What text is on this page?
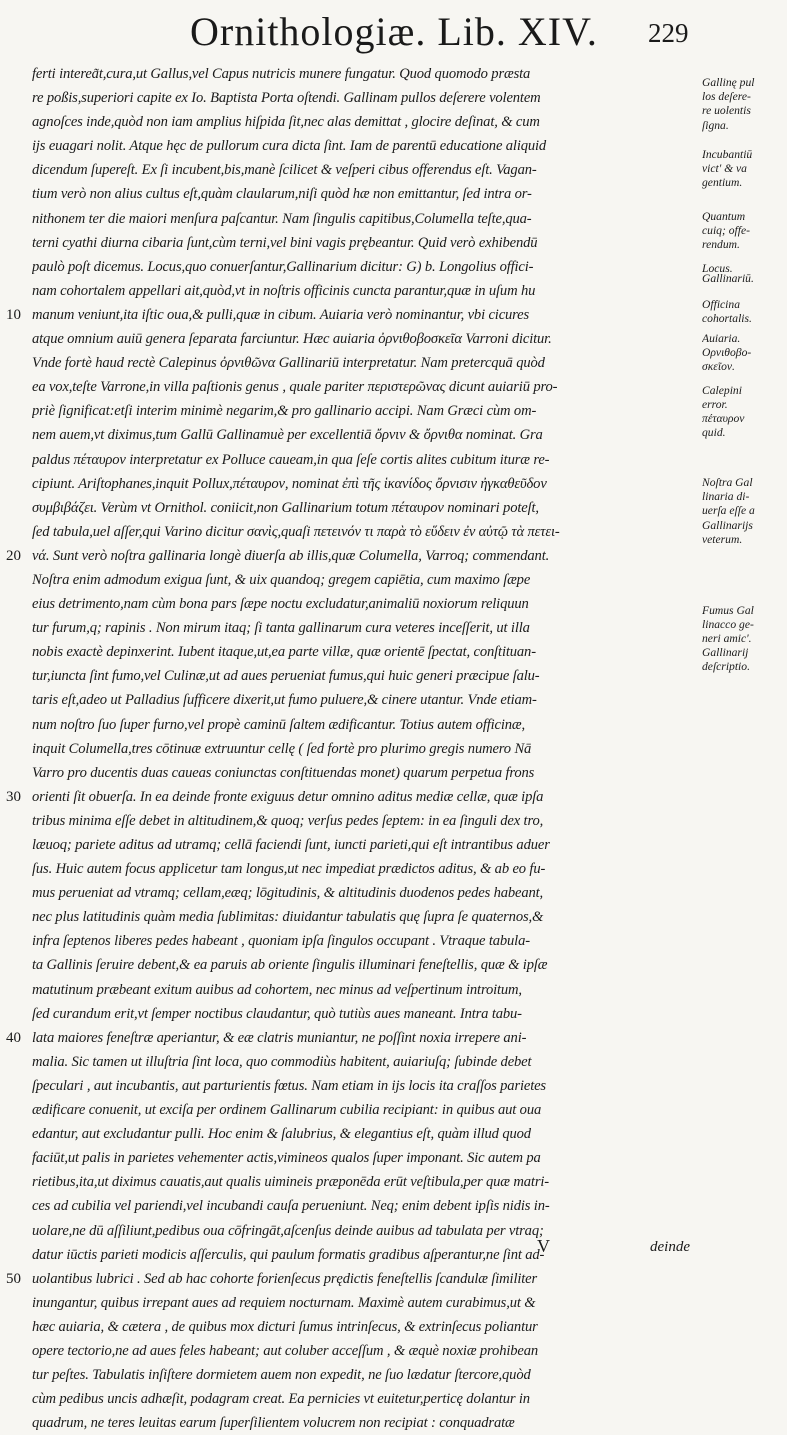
Ornithologiæ. Lib. XIV. 229
10
20
30
40
50
ferti interea͂t,cura,ut Gallus,vel Capus nutricis munere fungatur. Quod quomodo præsta
re poßis,superiori capite ex Io. Baptista Porta oſtendi. Gallinam pullos deſerere volentem
agnoſces inde,quòd non iam amplius hiſpida ſit,nec alas demittat , glocire deſinat, & cum
ijs euagari nolit. Atque hęc de pullorum cura dicta ſint. Iam de parentū educatione aliquid
dicendum ſupereſt. Ex ſi incubent,bis,manè ſcilicet & veſperi cibus offerendus eſt. Vagan-
tium verò non alius cultus eſt,quàm claularum,niſi quòd hæ non emittantur, ſed intra or-
nithonem ter die maiori menſura paſcantur. Nam ſingulis capitibus,Columella teſte,qua-
terni cyathi diurna cibaria ſunt,cùm terni,vel bini vagis prębeantur. Quid verò exhibendū
paulò poſt dicemus. Locus,quo conuerſantur,Gallinarium dicitur: G) b. Longolius offici-
nam cohortalem appellari ait,quòd,vt in noſtris officinis cuncta parantur,quæ in uſum hu
manum veniunt,ita iſtic oua,& pulli,quæ in cibum. Auiaria verò nominantur, vbi cicures
atque omnium auiū genera ſeparata farciuntur. Hæc auiaria ὀρνιθοβοσκεῖα Varroni dicitur.
Vnde fortè haud rectè Calepinus ὀρνιθῶνα Gallinariū interpretatur. Nam pretercquā quòd
ea vox,teſte Varrone,in villa paſtionis genus , quale pariter περιστερῶνας dicunt auiariū pro-
priè ſignificat:etſi interim minimè negarim,& pro gallinario accipi. Nam Græci cùm om-
nem auem,vt diximus,tum Gallū Gallinamuè per excellentiā ὄρνιν & ὄρνιθα nominat. Gra
paldus πέταυρον interpretatur ex Polluce caueam,in qua ſeſe cortis alites cubitum ituræ re-
cipiunt. Ariſtophanes,inquit Pollux,πέταυρον, nominat ἐπὶ τῆς ἱκανίδος ὄρνισιν ἠγκαθεῦδον
συμβιβάζει. Verùm vt Ornithol. coniicit,non Gallinarium totum πέταυρον nominari poteſt,
ſed tabula,uel aſſer,qui Varino dicitur σανὶς,quaſi πετεινόν τι παρὰ τὸ εὕδειν ἐν αὐτῷ τὰ πετει-
νά. Sunt verò noſtra gallinaria longè diuerſa ab illis,quæ Columella, Varroq; commendant.
Noſtra enim admodum exigua ſunt, & uix quandoq; gregem capiētia, cum maximo ſæpe
eius detrimento,nam cùm bona pars ſæpe noctu excludatur,animaliū noxiorum reliquun
tur furum,q; rapinis . Non mirum itaq; ſi tanta gallinarum cura veteres inceſſerit, ut illa
nobis exactè depinxerint. Iubent itaque,ut,ea parte villæ, quæ orientē ſpectat, conſtituan-
tur,iuncta ſint fumo,vel Culinæ,ut ad aues perueniat fumus,qui huic generi præcipue ſalu-
taris eſt,adeo ut Palladius ſufficere dixerit,ut fumo puluere,& cinere utantur. Vnde etiam-
num noſtro ſuo ſuper furno,vel propè caminū ſaltem ædificantur. Totius autem officinæ,
inquit Columella,tres cōtinuæ extruuntur cellę ( ſed fortè pro plurimo gregis numero Nā
Varro pro ducentis duas caueas coniunctas conſtituendas monet) quarum perpetua frons
orienti ſit obuerſa. In ea deinde fronte exiguus detur omnino aditus mediæ cellæ, quæ ipſa
tribus minima eſſe debet in altitudinem,& quoq; verſus pedes ſeptem: in ea ſinguli dex tro,
læuoq; pariete aditus ad utramq; cellā faciendi ſunt, iuncti parieti,qui eſt intrantibus aduer
ſus. Huic autem focus applicetur tam longus,ut nec impediat prædictos aditus, & ab eo fu-
mus perueniat ad vtramq; cellam,eæq; lōgitudinis, & altitudinis duodenos pedes habeant,
nec plus latitudinis quàm media ſublimitas: diuidantur tabulatis quę ſupra ſe quaternos,&
infra ſeptenos liberes pedes habeant , quoniam ipſa ſingulos occupant . Vtraque tabula-
ta Gallinis ſeruire debent,& ea paruis ab oriente ſingulis illuminari feneſtellis, quæ & ipſæ
matutinum præbeant exitum auibus ad cohortem, nec minus ad veſpertinum introitum,
ſed curandum erit,vt ſemper noctibus claudantur, quò tutiùs aues maneant. Intra tabu-
lata maiores feneſtræ aperiantur, & eæ clatris muniantur, ne poſſint noxia irrepere ani-
malia. Sic tamen ut illuſtria ſint loca, quo commodiùs habitent, auiariuſq; ſubinde debet
ſpeculari , aut incubantis, aut parturientis fœtus. Nam etiam in ijs locis ita craſſos parietes
ædificare conuenit, ut exciſa per ordinem Gallinarum cubilia recipiant: in quibus aut oua
edantur, aut excludantur pulli. Hoc enim & ſalubrius, & elegantius eſt, quàm illud quod
faciūt,ut palis in parietes vehementer actis,vimineos qualos ſuper imponant. Sic autem pa
rietibus,ita,ut diximus cauatis,aut qualis uimineis præponēda erūt veſtibula,per quæ matri-
ces ad cubilia vel pariendi,vel incubandi cauſa perueniunt. Neq; enim debent ipſis nidis in-
uolare,ne dū aſſiliunt,pedibus oua cōfringāt,aſcenſus deinde auibus ad tabulata per vtraq;
datur iūctis parieti modicis aſſerculis, qui paulum formatis gradibus aſperantur,ne ſint ad-
uolantibus lubrici . Sed ab hac cohorte forienſecus prędictis feneſtellis ſcandulæ ſimiliter
inungantur, quibus irrepant aues ad requiem nocturnam. Maximè autem curabimus,ut &
hæc auiaria, & cætera , de quibus mox dicturi ſumus intrinſecus, & extrinſecus poliantur
opere tectorio,ne ad aues feles habeant; aut coluber acceſſum , & æquè noxiæ prohibean
tur peſtes. Tabulatis inſiſtere dormietem auem non expedit, ne ſuo lædatur ſtercore,quòd
cùm pedibus uncis adhæſit, podagram creat. Ea pernicies vt euitetur,perticę dolantur in
quadrum, ne teres leuitas earum ſuperſilientem volucrem non recipiat : conquadratæ
Gallinę pul
los deſere-
re uolentis
ſigna.
Incubantiū
vict' & va
gentium.
Quantum
cuiq; offe-
rendum.
Locus.
Gallinariū.
Officina
cohortalis.
Auiaria.
Ορνιθοβο-
σκεῖον.
Calepini
error.
πέταυρον
quid.
Noſtra Gal
linaria di-
uerſa eſſe a
Gallinarijs
veterum.
Fumus Gal
linacco ge-
neri amic'.
Gallinarij
deſcriptio.
V	deinde
